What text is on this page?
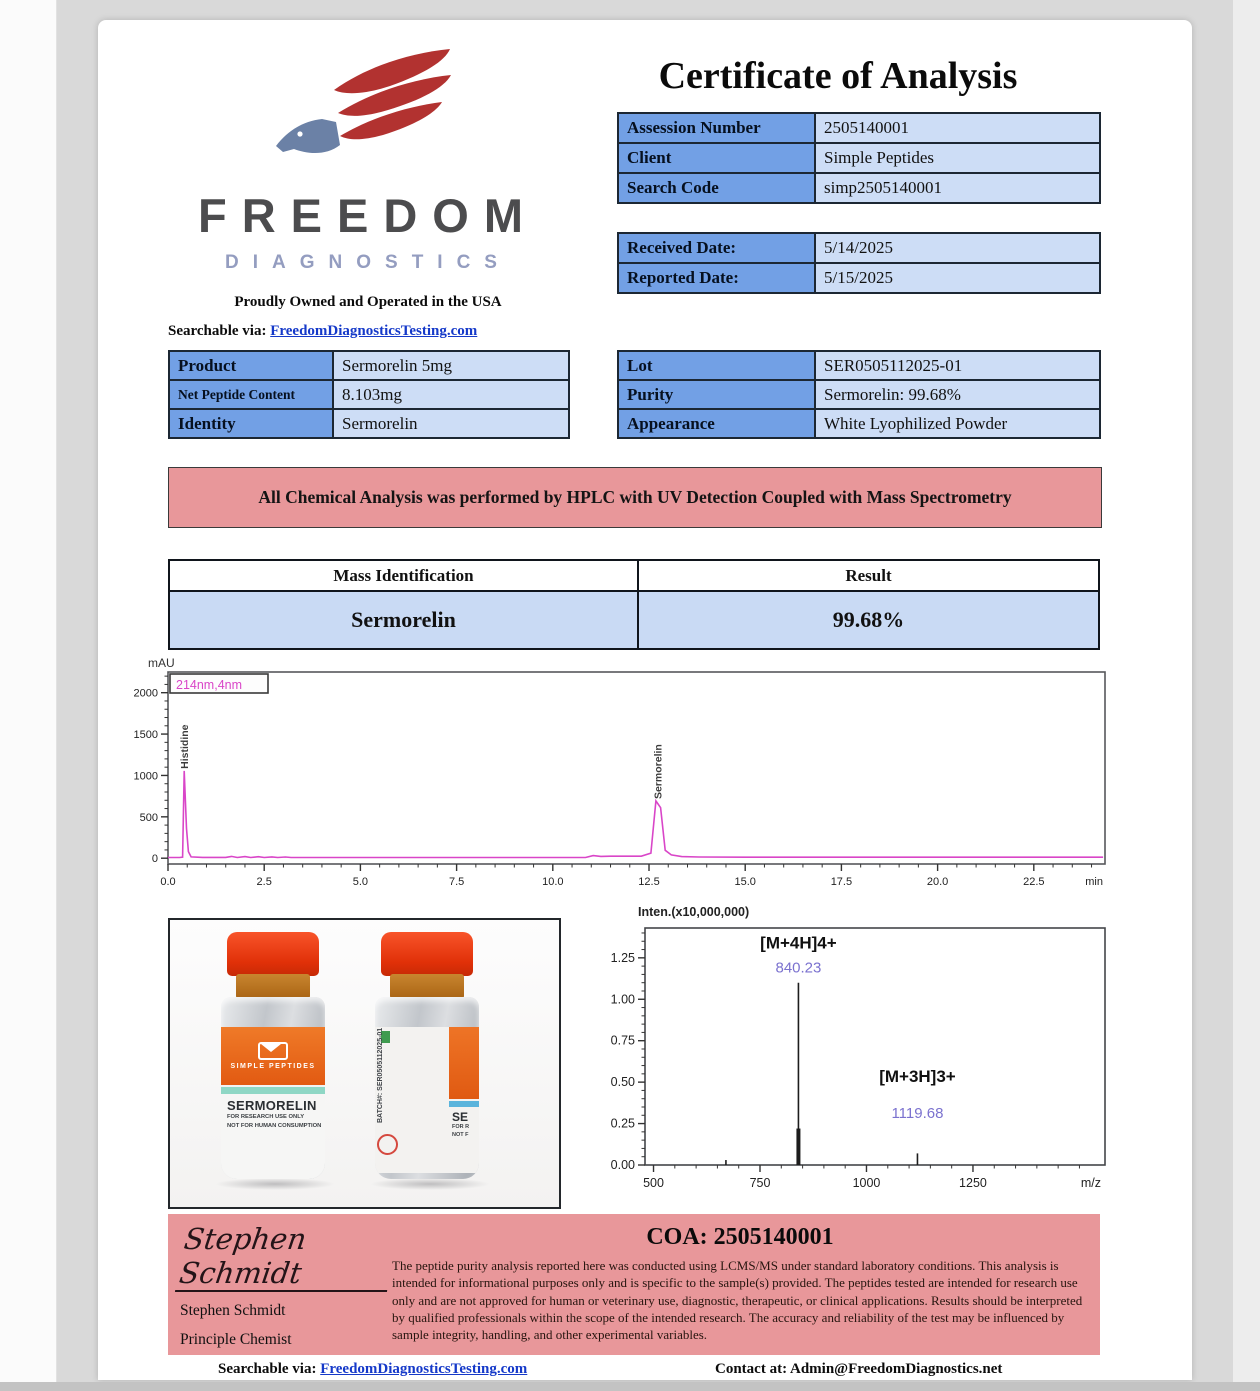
FREEDOM
DIAGNOSTICS
Proudly Owned and Operated in the USA
Searchable via: FreedomDiagnosticsTesting.com
Certificate of Analysis
Assession Number	2505140001
Client	Simple Peptides
Search Code	simp2505140001
Received Date:	5/14/2025
Reported Date:	5/15/2025
Product	Sermorelin 5mg
Net Peptide Content	8.103mg
Identity	Sermorelin
Lot	SER0505112025-01
Purity	Sermorelin: 99.68%
Appearance	White Lyophilized Powder
All Chemical Analysis was performed by HPLC with UV Detection Coupled with Mass Spectrometry
Mass Identification	Result
Sermorelin	99.68%
0
500
1000
1500
2000
0.0	2.5	5.0	7.5	10.0	12.5	15.0	17.5	20.0	22.5	min
mAU
214nm,4nm
Histidine	Sermorelin
SIMPLE PEPTIDES
SERMORELIN
FOR RESEARCH USE ONLY
NOT FOR HUMAN CONSUMPTION
BATCH#: SER0505112025-01	SE
FOR R
NOT F
Inten.(x10,000,000)
0.00
0.25
0.50
0.75
1.00
1.25
500	750	1000	1250	m/z
[M+4H]4+
840.23
[M+3H]3+
1119.68
Stephen Schmidt
Stephen Schmidt
Principle Chemist
COA: 2505140001
The peptide purity analysis reported here was conducted using LCMS/MS under standard laboratory conditions. This analysis is intended for informational purposes only and is specific to the sample(s) provided. The peptides tested are intended for research use only and are not approved for human or veterinary use, diagnostic, therapeutic, or clinical applications. Results should be interpreted by qualified professionals within the scope of the intended research. The accuracy and reliability of the test may be influenced by sample integrity, handling, and other experimental variables.
Searchable via: FreedomDiagnosticsTesting.com	Contact at: Admin@FreedomDiagnostics.net
